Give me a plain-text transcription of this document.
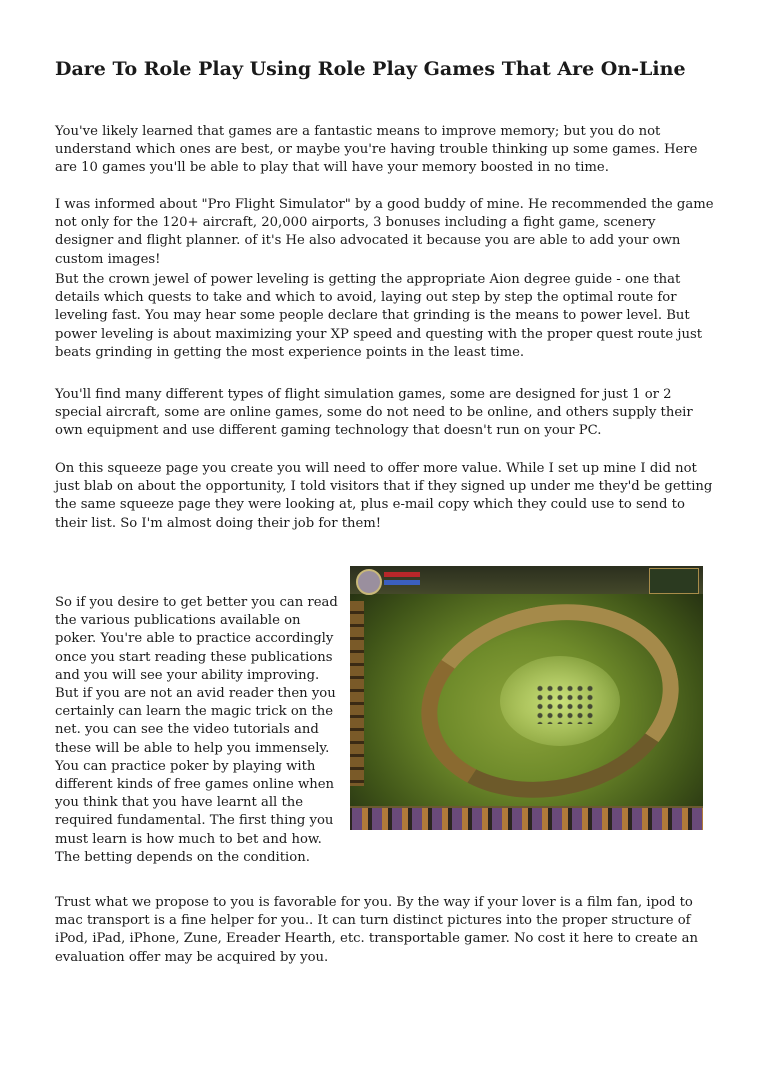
Dare To Role Play Using Role Play Games That Are On-Line

You've likely learned that games are a fantastic means to improve memory; but you do not understand which ones are best, or maybe you're having trouble thinking up some games. Here are 10 games you'll be able to play that will have your memory boosted in no time.

I was informed about "Pro Flight Simulator" by a good buddy of mine. He recommended the game not only for the 120+ aircraft, 20,000 airports, 3 bonuses including a fight game, scenery designer and flight planner. of it's He also advocated it because you are able to add your own custom images!

But the crown jewel of power leveling is getting the appropriate Aion degree guide - one that details which quests to take and which to avoid, laying out step by step the optimal route for leveling fast. You may hear some people declare that grinding is the means to power level. But power leveling is about maximizing your XP speed and questing with the proper quest route just beats grinding in getting the most experience points in the least time.

You'll find many different types of flight simulation games, some are designed for just 1 or 2 special aircraft, some are online games, some do not need to be online, and others supply their own equipment and use different gaming technology that doesn't run on your PC.

On this squeeze page you create you will need to offer more value. While I set up mine I did not just blab on about the opportunity, I told visitors that if they signed up under me they'd be getting the same squeeze page they were looking at, plus e-mail copy which they could use to send to their list. So I'm almost doing their job for them!

So if you desire to get better you can read the various publications available on poker. You're able to practice accordingly once you start reading these publications and you will see your ability improving. But if you are not an avid reader then you certainly can learn the magic trick on the net. you can see the video tutorials and these will be able to help you immensely. You can practice poker by playing with different kinds of free games online when you think that you have learnt all the required fundamental. The first thing you must learn is how much to bet and how. The betting depends on the condition.

Trust what we propose to you is favorable for you. By the way if your lover is a film fan, ipod to mac transport is a fine helper for you.. It can turn distinct pictures into the proper structure of iPod, iPad, iPhone, Zune, Ereader Hearth, etc. transportable gamer. No cost it here to create an evaluation offer may be acquired by you.
